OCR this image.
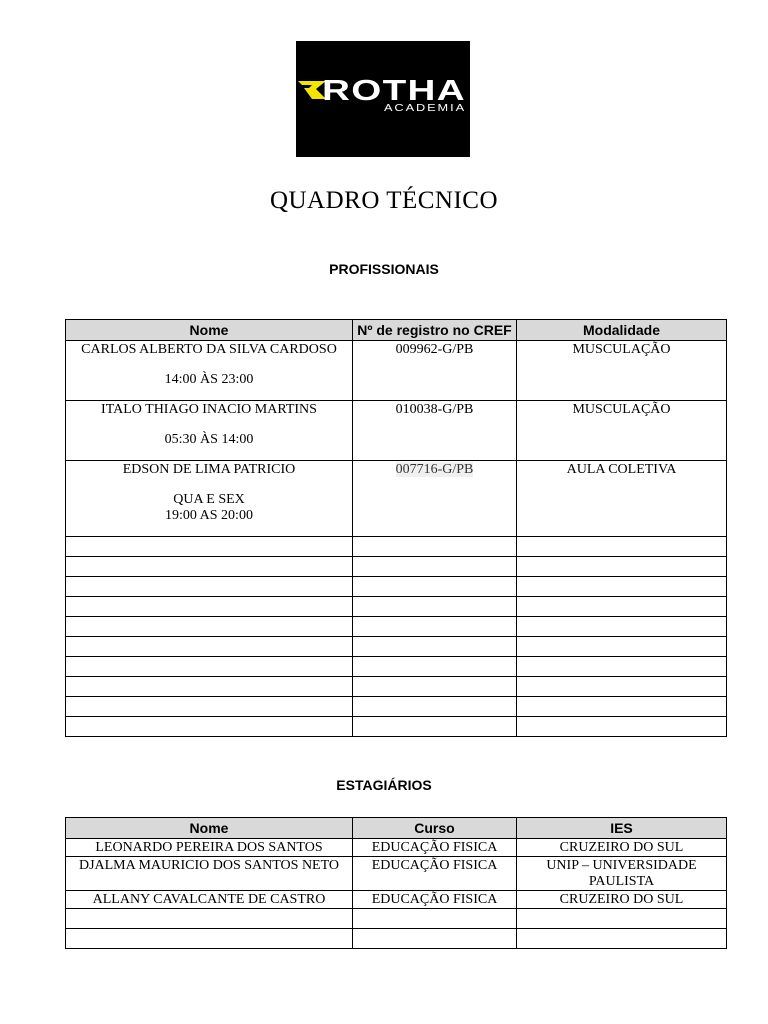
ROTHA
ACADEMIA
QUADRO TÉCNICO
PROFISSIONAIS
Nome	Nº de registro no CREF	Modalidade

CARLOS ALBERTO DA SILVA CARDOSO
14:00 ÀS 23:00	009962-G/PB	MUSCULAÇÃO

ITALO THIAGO INACIO MARTINS
05:30 ÀS 14:00	010038-G/PB	MUSCULAÇÃO

EDSON DE LIMA PATRICIO
QUA E SEX
19:00 AS 20:00	007716-G/PB	AULA COLETIVA

ESTAGIÁRIOS
Nome	Curso	IES
LEONARDO PEREIRA DOS SANTOS	EDUCAÇÃO FISICA	CRUZEIRO DO SUL
DJALMA MAURICIO DOS SANTOS NETO	EDUCAÇÃO FISICA	UNIP – UNIVERSIDADE PAULISTA
ALLANY CAVALCANTE DE CASTRO	EDUCAÇÃO FISICA	CRUZEIRO DO SUL
